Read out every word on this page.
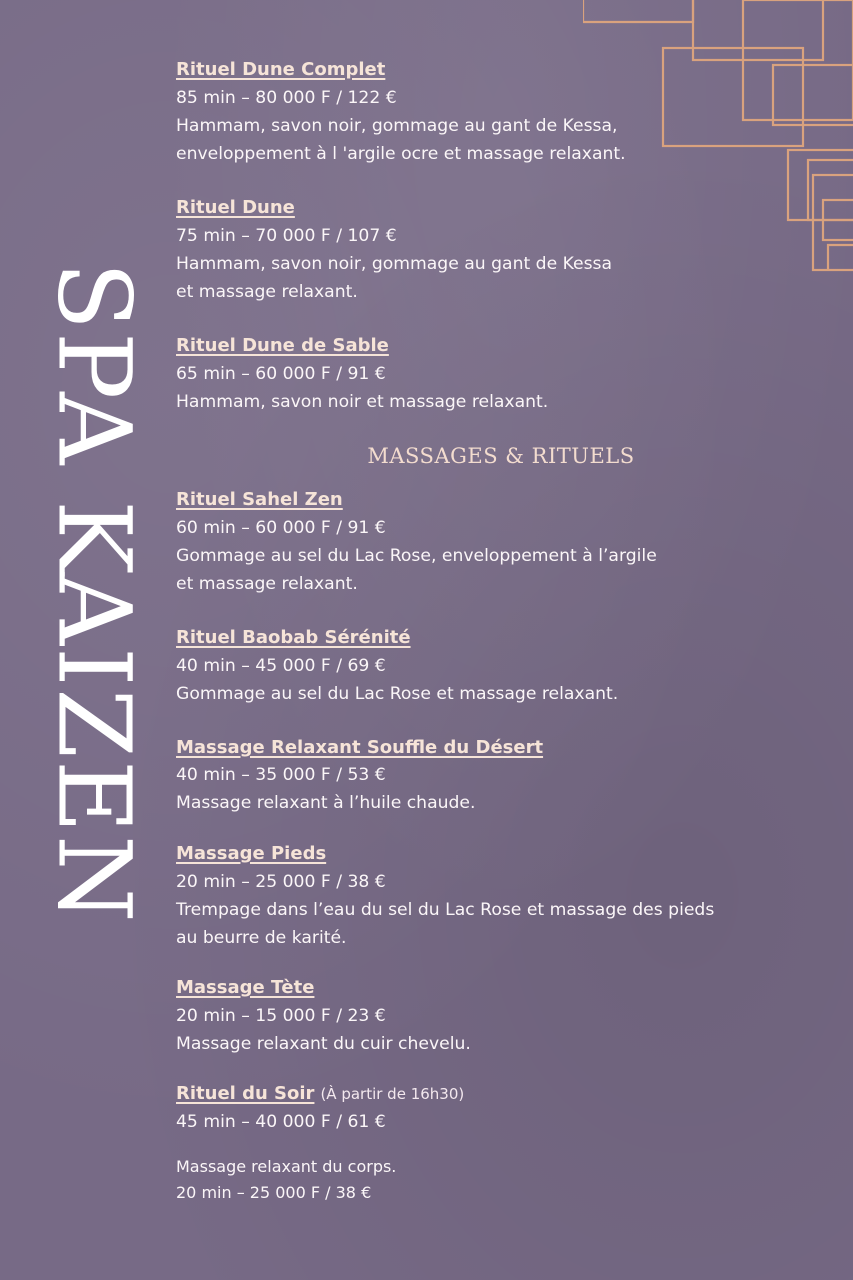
SPA KAIZEN
Rituel Dune Complet
85 min – 80 000 F / 122 €
Hammam, savon noir, gommage au gant de Kessa,
enveloppement à l 'argile ocre et massage relaxant.
Rituel Dune
75 min – 70 000 F / 107 €
Hammam, savon noir, gommage au gant de Kessa
et massage relaxant.
Rituel Dune de Sable
65 min – 60 000 F / 91 €
Hammam, savon noir et massage relaxant.
MASSAGES & RITUELS
Rituel Sahel Zen
60 min – 60 000 F / 91 €
Gommage au sel du Lac Rose, enveloppement à l’argile
et massage relaxant.
Rituel Baobab Sérénité
40 min – 45 000 F / 69 €
Gommage au sel du Lac Rose et massage relaxant.
Massage Relaxant Souffle du Désert
40 min – 35 000 F / 53 €
Massage relaxant à l’huile chaude.
Massage Pieds
20 min – 25 000 F / 38 €
Trempage dans l’eau du sel du Lac Rose et massage des pieds
au beurre de karité.
Massage Tète
20 min – 15 000 F / 23 €
Massage relaxant du cuir chevelu.
Rituel du Soir (À partir de 16h30)
45 min – 40 000 F / 61 €
Massage relaxant du corps.
20 min – 25 000 F / 38 €
